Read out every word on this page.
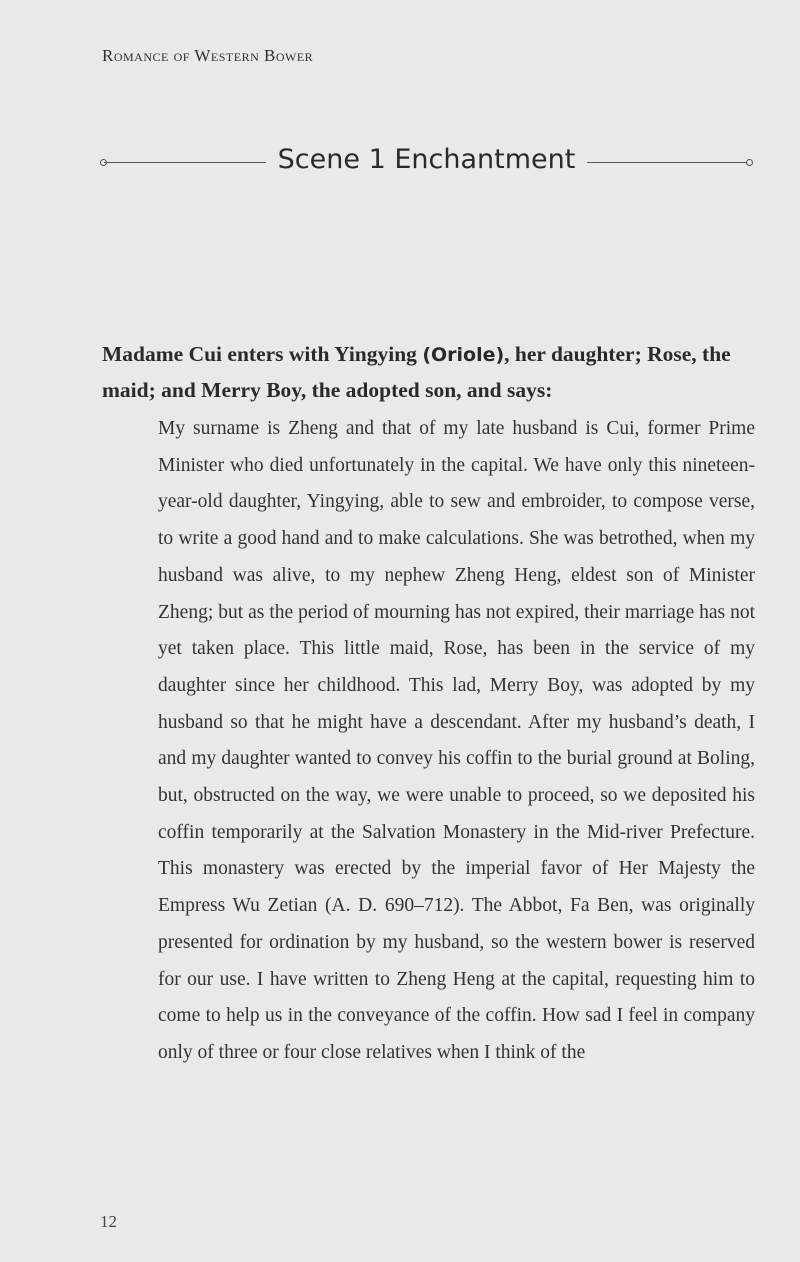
Romance of Western Bower
Scene 1 Enchantment
Madame Cui enters with Yingying (Oriole), her daughter; Rose, the maid; and Merry Boy, the adopted son, and says:
My surname is Zheng and that of my late husband is Cui, former Prime Minister who died unfortunately in the capital. We have only this nineteen-year-old daughter, Yingying, able to sew and embroider, to compose verse, to write a good hand and to make calculations. She was betrothed, when my husband was alive, to my nephew Zheng Heng, eldest son of Minister Zheng; but as the period of mourning has not expired, their marriage has not yet taken place. This little maid, Rose, has been in the service of my daughter since her childhood. This lad, Merry Boy, was adopted by my husband so that he might have a descendant. After my husband’s death, I and my daughter wanted to convey his coffin to the burial ground at Boling, but, obstructed on the way, we were unable to proceed, so we deposited his coffin temporarily at the Salvation Monastery in the Mid-river Prefecture. This monastery was erected by the imperial favor of Her Majesty the Empress Wu Zetian (A. D. 690–712). The Abbot, Fa Ben, was originally presented for ordination by my husband, so the western bower is reserved for our use. I have written to Zheng Heng at the capital, requesting him to come to help us in the conveyance of the coffin. How sad I feel in company only of three or four close relatives when I think of the
12
